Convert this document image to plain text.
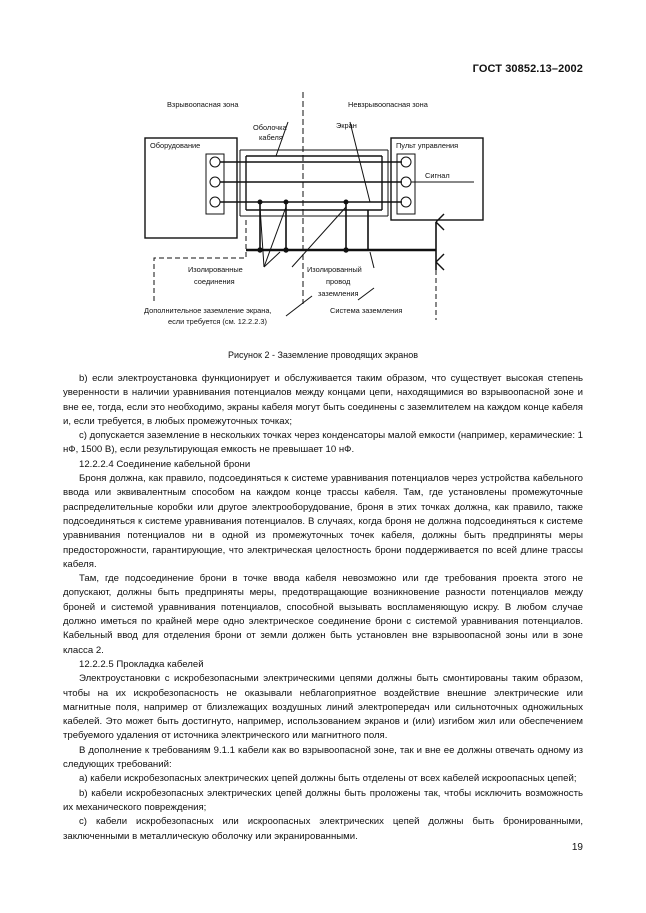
ГОСТ 30852.13–2002
Взрывоопасная зона	Невзрывоопасная зона
Оборудование
Оболочка
кабеля
Экран
Пульт управления
Сигнал
Изолированные
соединения
Изолированный
провод
заземления
Дополнительное заземление экрана,
если требуется (см. 12.2.2.3)
Система заземления
Рисунок 2 - Заземление проводящих экранов

b) если электроустановка функционирует и обслуживается таким образом, что существует высокая степень уверенности в наличии уравнивания потенциалов между концами цепи, находящимися во взрывоопасной зоне и вне ее, тогда, если это необходимо, экраны кабеля могут быть соединены с заземлителем на каждом конце кабеля и, если требуется, в любых промежуточных точках;

c) допускается заземление в нескольких точках через конденсаторы малой емкости (например, керамические: 1 нФ, 1500 В), если результирующая емкость не превышает 10 нФ.

12.2.2.4 Соединение кабельной брони

Броня должна, как правило, подсоединяться к системе уравнивания потенциалов через устройства кабельного ввода или эквивалентным способом на каждом конце трассы кабеля. Там, где установлены промежуточные распределительные коробки или другое электрооборудование, броня в этих точках должна, как правило, также подсоединяться к системе уравнивания потенциалов. В случаях, когда броня не должна подсоединяться к системе уравнивания потенциалов ни в одной из промежуточных точек кабеля, должны быть предприняты меры предосторожности, гарантирующие, что электрическая целостность брони поддерживается по всей длине трассы кабеля.

Там, где подсоединение брони в точке ввода кабеля невозможно или где требования проекта этого не допускают, должны быть предприняты меры, предотвращающие возникновение разности потенциалов между броней и системой уравнивания потенциалов, способной вызывать воспламеняющую искру. В любом случае должно иметься по крайней мере одно электрическое соединение брони с системой уравнивания потенциалов. Кабельный ввод для отделения брони от земли должен быть установлен вне взрывоопасной зоны или в зоне класса 2.

12.2.2.5 Прокладка кабелей

Электроустановки с искробезопасными электрическими цепями должны быть смонтированы таким образом, чтобы на их искробезопасность не оказывали неблагоприятное воздействие внешние электрические или магнитные поля, например от близлежащих воздушных линий электропередач или сильноточных одножильных кабелей. Это может быть достигнуто, например, использованием экранов и (или) изгибом жил или обеспечением требуемого удаления от источника электрического или магнитного поля.

В дополнение к требованиям 9.1.1 кабели как во взрывоопасной зоне, так и вне ее должны отвечать одному из следующих требований:

a) кабели искробезопасных электрических цепей должны быть отделены от всех кабелей искроопасных цепей;

b) кабели искробезопасных электрических цепей должны быть проложены так, чтобы исключить возможность их механического повреждения;

c) кабели искробезопасных или искроопасных электрических цепей должны быть бронированными, заключенными в металлическую оболочку или экранированными.

19
